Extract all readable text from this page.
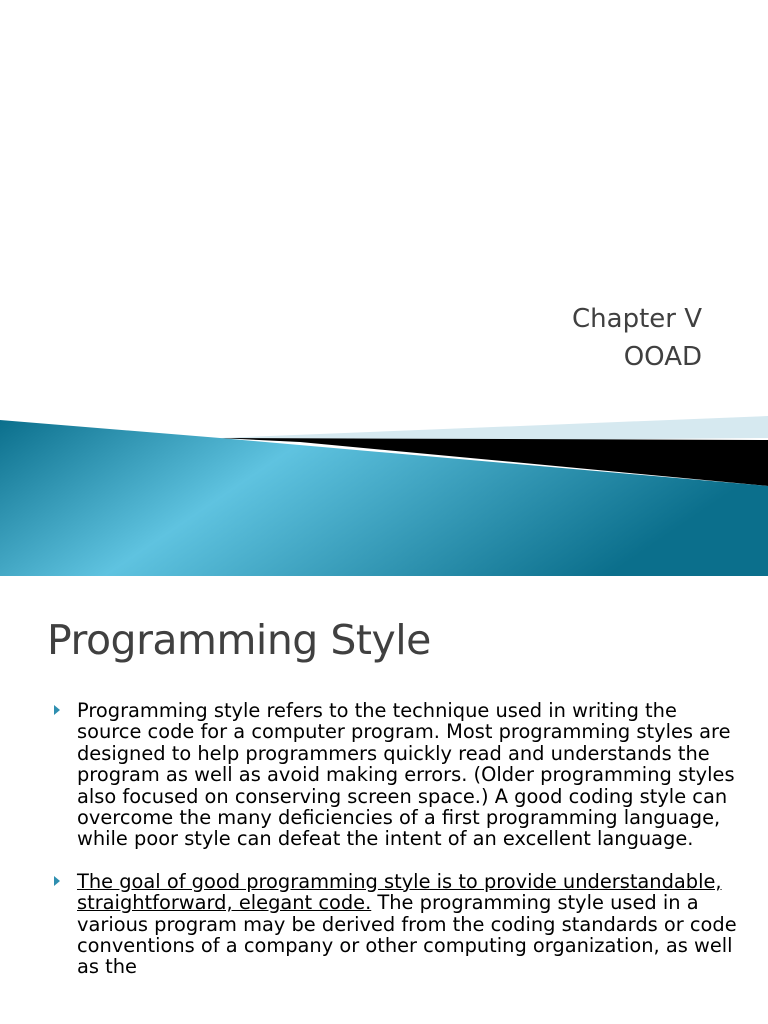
Chapter V
OOAD
Programming Style
Programming style refers to the technique used in writing the source code for a computer program. Most programming styles are designed to help programmers quickly read and understands the program as well as avoid making errors. (Older programming styles also focused on conserving screen space.) A good coding style can overcome the many deficiencies of a first programming language, while poor style can defeat the intent of an excellent language.
The goal of good programming style is to provide understandable, straightforward, elegant code. The programming style used in a various program may be derived from the coding standards or code conventions of a company or other computing organization, as well as the
